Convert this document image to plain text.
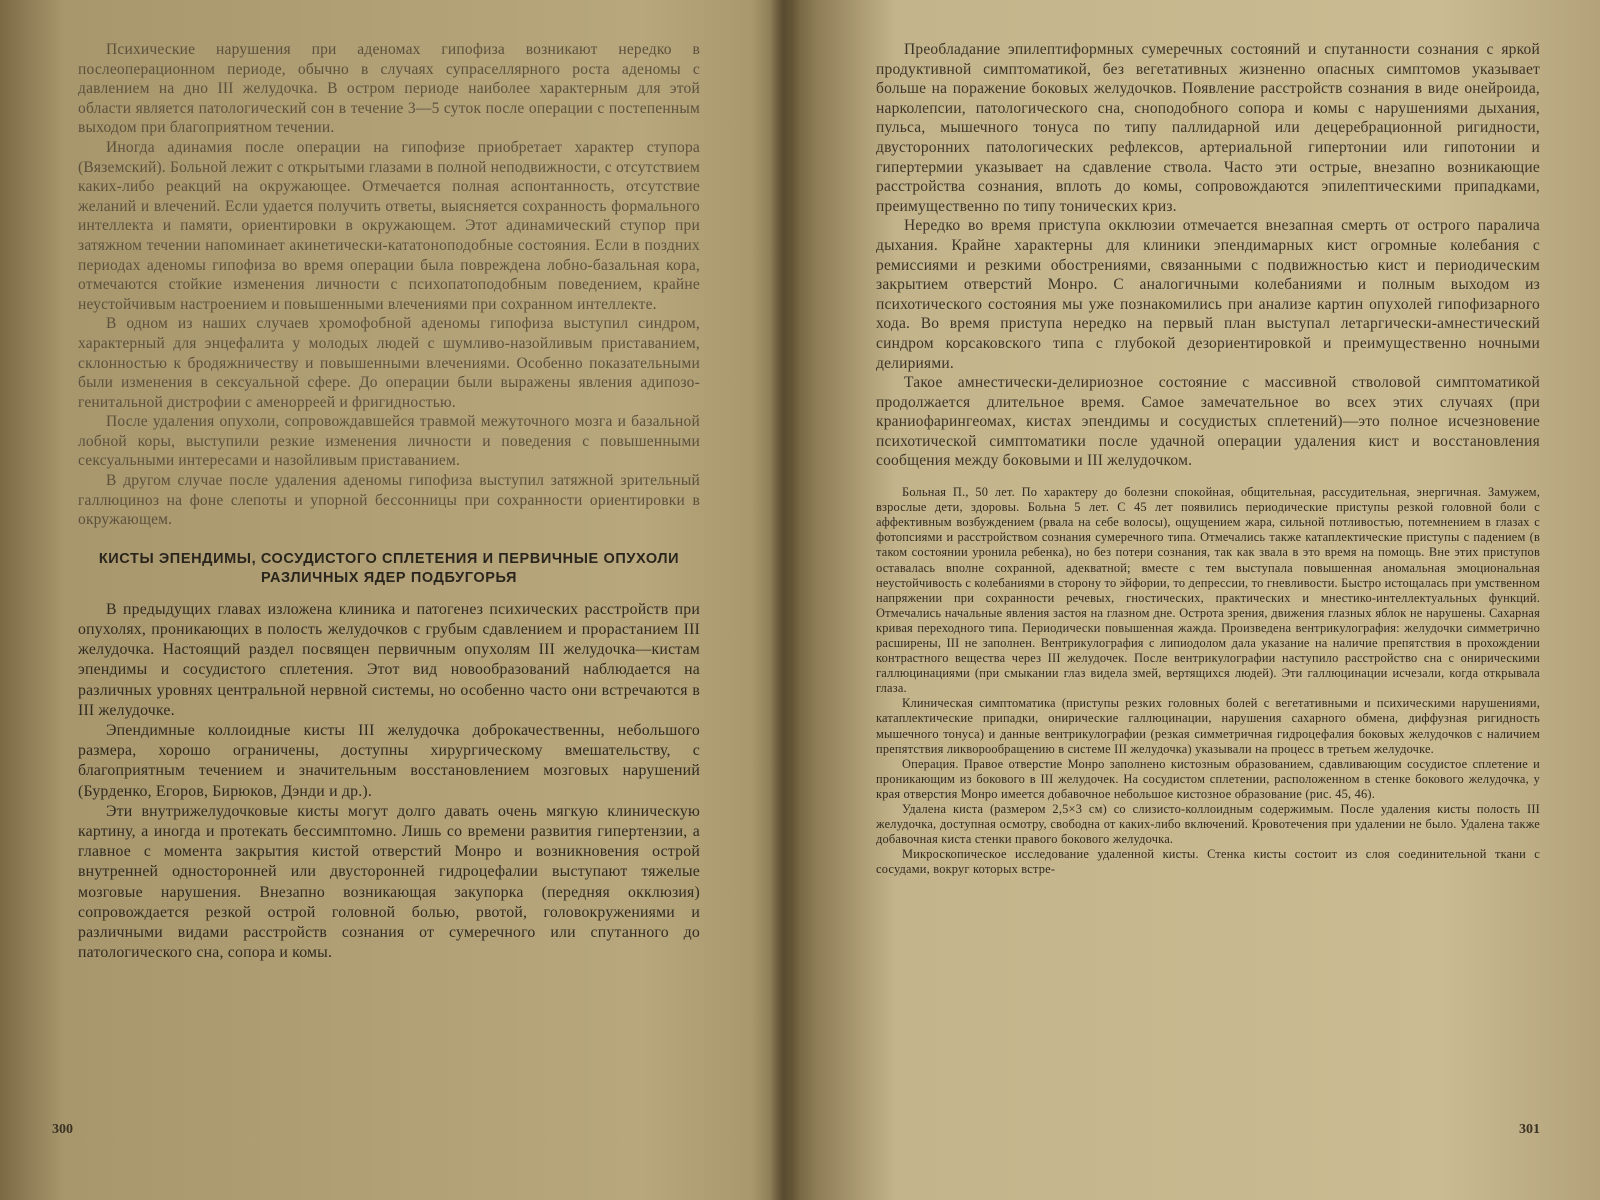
Психические нарушения при аденомах гипофиза возникают нередко в послеоперационном периоде, обычно в случаях супраселлярного роста аденомы с давлением на дно III желудочка. В остром периоде наиболее характерным для этой области является патологический сон в течение 3—5 суток после операции с постепенным выходом при благоприятном течении.

Иногда адинамия после операции на гипофизе приобретает характер ступора (Вяземский). Больной лежит с открытыми глазами в полной неподвижности, с отсутствием каких-либо реакций на окружающее. Отмечается полная аспонтанность, отсутствие желаний и влечений. Если удается получить ответы, выясняется сохранность формального интеллекта и памяти, ориентировки в окружающем. Этот адинамический ступор при затяжном течении напоминает акинетически-кататоноподобные состояния. Если в поздних периодах аденомы гипофиза во время операции была повреждена лобно-базальная кора, отмечаются стойкие изменения личности с психопатоподобным поведением, крайне неустойчивым настроением и повышенными влечениями при сохранном интеллекте.

В одном из наших случаев хромофобной аденомы гипофиза выступил синдром, характерный для энцефалита у молодых людей с шумливо-назойливым приставанием, склонностью к бродяжничеству и повышенными влечениями. Особенно показательными были изменения в сексуальной сфере. До операции были выражены явления адипозо-генитальной дистрофии с аменорреей и фригидностью.

После удаления опухоли, сопровождавшейся травмой межуточного мозга и базальной лобной коры, выступили резкие изменения личности и поведения с повышенными сексуальными интересами и назойливым приставанием.

В другом случае после удаления аденомы гипофиза выступил затяжной зрительный галлюциноз на фоне слепоты и упорной бессонницы при сохранности ориентировки в окружающем.

КИСТЫ ЭПЕНДИМЫ, СОСУДИСТОГО СПЛЕТЕНИЯ И ПЕРВИЧНЫЕ ОПУХОЛИ
РАЗЛИЧНЫХ ЯДЕР ПОДБУГОРЬЯ

В предыдущих главах изложена клиника и патогенез психических расстройств при опухолях, проникающих в полость желудочков с грубым сдавлением и прорастанием III желудочка. Настоящий раздел посвящен первичным опухолям III желудочка—кистам эпендимы и сосудистого сплетения. Этот вид новообразований наблюдается на различных уровнях центральной нервной системы, но особенно часто они встречаются в III желудочке.

Эпендимные коллоидные кисты III желудочка доброкачественны, небольшого размера, хорошо ограничены, доступны хирургическому вмешательству, с благоприятным течением и значительным восстановлением мозговых нарушений (Бурденко, Егоров, Бирюков, Дэнди и др.).

Эти внутрижелудочковые кисты могут долго давать очень мягкую клиническую картину, а иногда и протекать бессимптомно. Лишь со времени развития гипертензии, а главное с момента закрытия кистой отверстий Монро и возникновения острой внутренней односторонней или двусторонней гидроцефалии выступают тяжелые мозговые нарушения. Внезапно возникающая закупорка (передняя окклюзия) сопровождается резкой острой головной болью, рвотой, головокружениями и различными видами расстройств сознания от сумеречного или спутанного до патологического сна, сопора и комы.

300

Преобладание эпилептиформных сумеречных состояний и спутанности сознания с яркой продуктивной симптоматикой, без вегетативных жизненно опасных симптомов указывает больше на поражение боковых желудочков. Появление расстройств сознания в виде онейроида, нарколепсии, патологического сна, сноподобного сопора и комы с нарушениями дыхания, пульса, мышечного тонуса по типу паллидарной или децеребрационной ригидности, двусторонних патологических рефлексов, артериальной гипертонии или гипотонии и гипертермии указывает на сдавление ствола. Часто эти острые, внезапно возникающие расстройства сознания, вплоть до комы, сопровождаются эпилептическими припадками, преимущественно по типу тонических криз.

Нередко во время приступа окклюзии отмечается внезапная смерть от острого паралича дыхания. Крайне характерны для клиники эпендимарных кист огромные колебания с ремиссиями и резкими обострениями, связанными с подвижностью кист и периодическим закрытием отверстий Монро. С аналогичными колебаниями и полным выходом из психотического состояния мы уже познакомились при анализе картин опухолей гипофизарного хода. Во время приступа нередко на первый план выступал летаргически-амнестический синдром корсаковского типа с глубокой дезориентировкой и преимущественно ночными делириями.

Такое амнестически-делириозное состояние с массивной стволовой симптоматикой продолжается длительное время. Самое замечательное во всех этих случаях (при краниофарингеомах, кистах эпендимы и сосудистых сплетений)—это полное исчезновение психотической симптоматики после удачной операции удаления кист и восстановления сообщения между боковыми и III желудочком.

Больная П., 50 лет. По характеру до болезни спокойная, общительная, рассудительная, энергичная. Замужем, взрослые дети, здоровы. Больна 5 лет. С 45 лет появились периодические приступы резкой головной боли с аффективным возбуждением (рвала на себе волосы), ощущением жара, сильной потливостью, потемнением в глазах с фотопсиями и расстройством сознания сумеречного типа. Отмечались также катаплектические приступы с падением (в таком состоянии уронила ребенка), но без потери сознания, так как звала в это время на помощь. Вне этих приступов оставалась вполне сохранной, адекватной; вместе с тем выступала повышенная аномальная эмоциональная неустойчивость с колебаниями в сторону то эйфории, то депрессии, то гневливости. Быстро истощалась при умственном напряжении при сохранности речевых, гностических, практических и мнестико-интеллектуальных функций. Отмечались начальные явления застоя на глазном дне. Острота зрения, движения глазных яблок не нарушены. Сахарная кривая переходного типа. Периодически повышенная жажда. Произведена вентрикулография: желудочки симметрично расширены, III не заполнен. Вентрикулография с липиодолом дала указание на наличие препятствия в прохождении контрастного вещества через III желудочек. После вентрикулографии наступило расстройство сна с онирическими галлюцинациями (при смыкании глаз видела змей, вертящихся людей). Эти галлюцинации исчезали, когда открывала глаза.

Клиническая симптоматика (приступы резких головных болей с вегетативными и психическими нарушениями, катаплектические припадки, онирические галлюцинации, нарушения сахарного обмена, диффузная ригидность мышечного тонуса) и данные вентрикулографии (резкая симметричная гидроцефалия боковых желудочков с наличием препятствия ликворообращению в системе III желудочка) указывали на процесс в третьем желудочке.

Операция. Правое отверстие Монро заполнено кистозным образованием, сдавливающим сосудистое сплетение и проникающим из бокового в III желудочек. На сосудистом сплетении, расположенном в стенке бокового желудочка, у края отверстия Монро имеется добавочное небольшое кистозное образование (рис. 45, 46).

Удалена киста (размером 2,5×3 см) со слизисто-коллоидным содержимым. После удаления кисты полость III желудочка, доступная осмотру, свободна от каких-либо включений. Кровотечения при удалении не было. Удалена также добавочная киста стенки правого бокового желудочка.

Микроскопическое исследование удаленной кисты. Стенка кисты состоит из слоя соединительной ткани с сосудами, вокруг которых встре-

301
